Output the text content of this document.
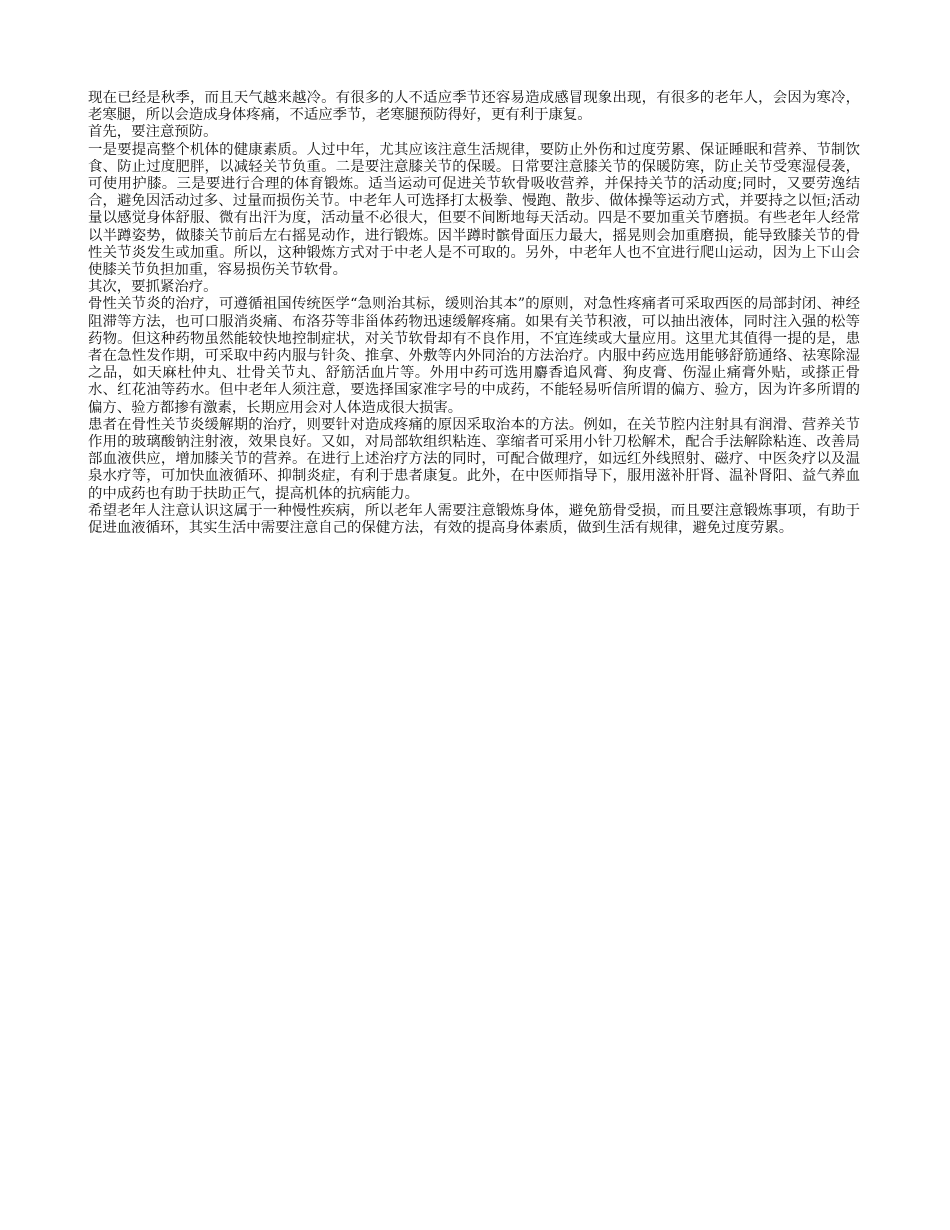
现在已经是秋季，而且天气越来越冷。有很多的人不适应季节还容易造成感冒现象出现，有很多的老年人，会因为寒冷，老寒腿，所以会造成身体疼痛，不适应季节，老寒腿预防得好，更有利于康复。

首先，要注意预防。

一是要提高整个机体的健康素质。人过中年，尤其应该注意生活规律，要防止外伤和过度劳累、保证睡眠和营养、节制饮食、防止过度肥胖，以减轻关节负重。二是要注意膝关节的保暖。日常要注意膝关节的保暖防寒，防止关节受寒湿侵袭，可使用护膝。三是要进行合理的体育锻炼。适当运动可促进关节软骨吸收营养，并保持关节的活动度;同时，又要劳逸结合，避免因活动过多、过量而损伤关节。中老年人可选择打太极拳、慢跑、散步、做体操等运动方式，并要持之以恒;活动量以感觉身体舒服、微有出汗为度，活动量不必很大，但要不间断地每天活动。四是不要加重关节磨损。有些老年人经常以半蹲姿势，做膝关节前后左右摇晃动作，进行锻炼。因半蹲时髌骨面压力最大，摇晃则会加重磨损，能导致膝关节的骨性关节炎发生或加重。所以，这种锻炼方式对于中老人是不可取的。另外，中老年人也不宜进行爬山运动，因为上下山会使膝关节负担加重，容易损伤关节软骨。

其次，要抓紧治疗。

骨性关节炎的治疗，可遵循祖国传统医学“急则治其标，缓则治其本”的原则，对急性疼痛者可采取西医的局部封闭、神经阻滞等方法，也可口服消炎痛、布洛芬等非甾体药物迅速缓解疼痛。如果有关节积液，可以抽出液体，同时注入强的松等药物。但这种药物虽然能较快地控制症状，对关节软骨却有不良作用，不宜连续或大量应用。这里尤其值得一提的是，患者在急性发作期，可采取中药内服与针灸、推拿、外敷等内外同治的方法治疗。内服中药应选用能够舒筋通络、祛寒除湿之品，如天麻杜仲丸、壮骨关节丸、舒筋活血片等。外用中药可选用麝香追风膏、狗皮膏、伤湿止痛膏外贴，或搽正骨水、红花油等药水。但中老年人须注意，要选择国家准字号的中成药，不能轻易听信所谓的偏方、验方，因为许多所谓的偏方、验方都掺有激素，长期应用会对人体造成很大损害。

患者在骨性关节炎缓解期的治疗，则要针对造成疼痛的原因采取治本的方法。例如，在关节腔内注射具有润滑、营养关节作用的玻璃酸钠注射液，效果良好。又如，对局部软组织粘连、挛缩者可采用小针刀松解术，配合手法解除粘连、改善局部血液供应，增加膝关节的营养。在进行上述治疗方法的同时，可配合做理疗，如远红外线照射、磁疗、中医灸疗以及温泉水疗等，可加快血液循环、抑制炎症，有利于患者康复。此外，在中医师指导下，服用滋补肝肾、温补肾阳、益气养血的中成药也有助于扶助正气，提高机体的抗病能力。

希望老年人注意认识这属于一种慢性疾病，所以老年人需要注意锻炼身体，避免筋骨受损，而且要注意锻炼事项，有助于促进血液循环，其实生活中需要注意自己的保健方法，有效的提高身体素质，做到生活有规律，避免过度劳累。
